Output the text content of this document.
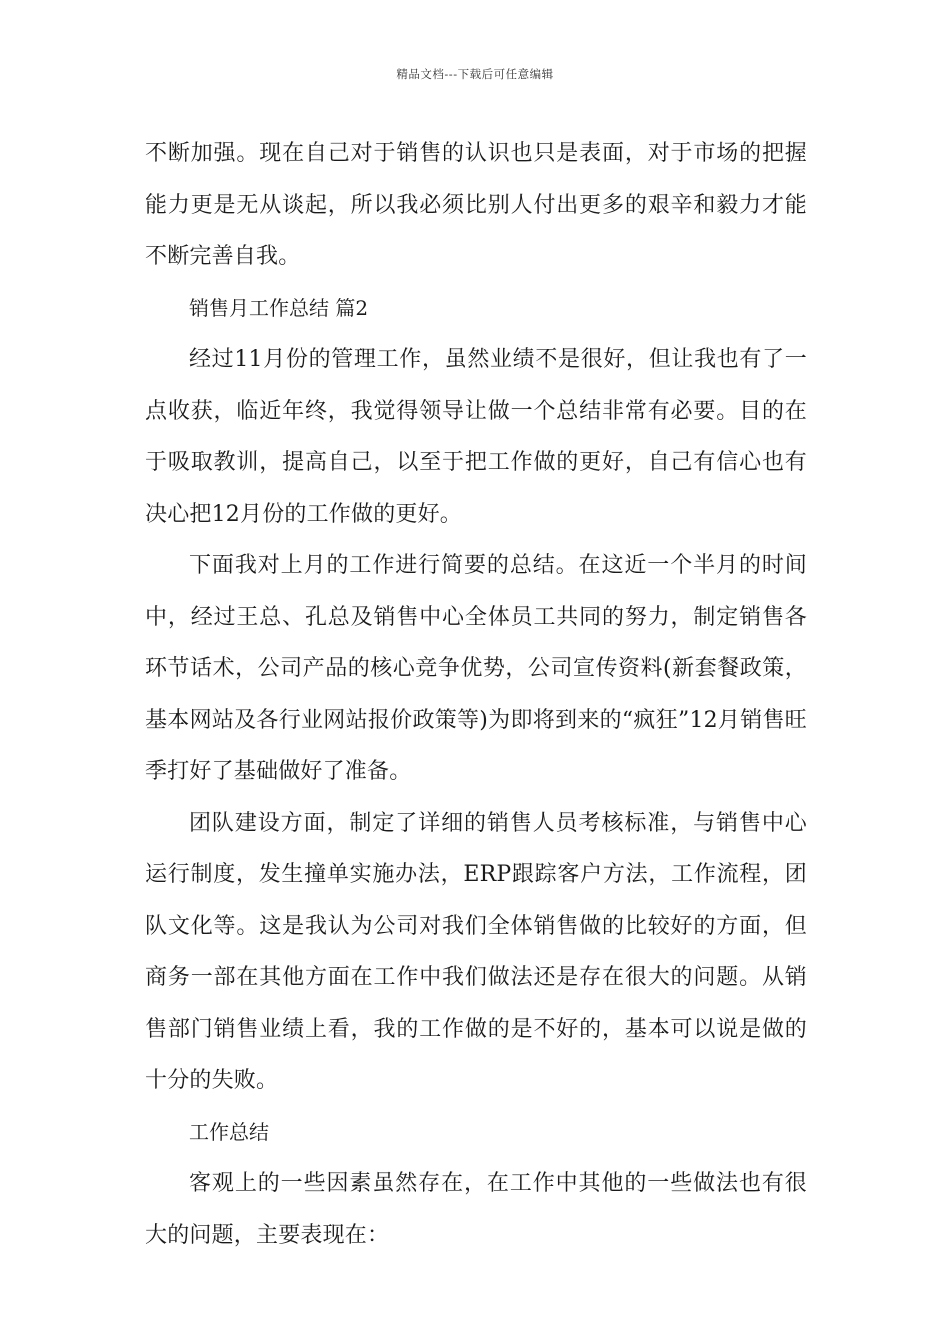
精品文档---下载后可任意编辑

不断加强。现在自己对于销售的认识也只是表面，对于市场的把握能力更是无从谈起，所以我必须比别人付出更多的艰辛和毅力才能不断完善自我。

销售月工作总结 篇2

经过11月份的管理工作，虽然业绩不是很好，但让我也有了一点收获，临近年终，我觉得领导让做一个总结非常有必要。目的在于吸取教训，提高自己，以至于把工作做的更好，自己有信心也有决心把12月份的工作做的更好。

下面我对上月的工作进行简要的总结。在这近一个半月的时间中，经过王总、孔总及销售中心全体员工共同的努力，制定销售各环节话术，公司产品的核心竞争优势，公司宣传资料(新套餐政策，基本网站及各行业网站报价政策等)为即将到来的“疯狂”12月销售旺季打好了基础做好了准备。

团队建设方面，制定了详细的销售人员考核标准，与销售中心运行制度，发生撞单实施办法，ERP跟踪客户方法，工作流程，团队文化等。这是我认为公司对我们全体销售做的比较好的方面，但商务一部在其他方面在工作中我们做法还是存在很大的问题。从销售部门销售业绩上看，我的工作做的是不好的，基本可以说是做的十分的失败。

工作总结

客观上的一些因素虽然存在，在工作中其他的一些做法也有很大的问题，主要表现在：
